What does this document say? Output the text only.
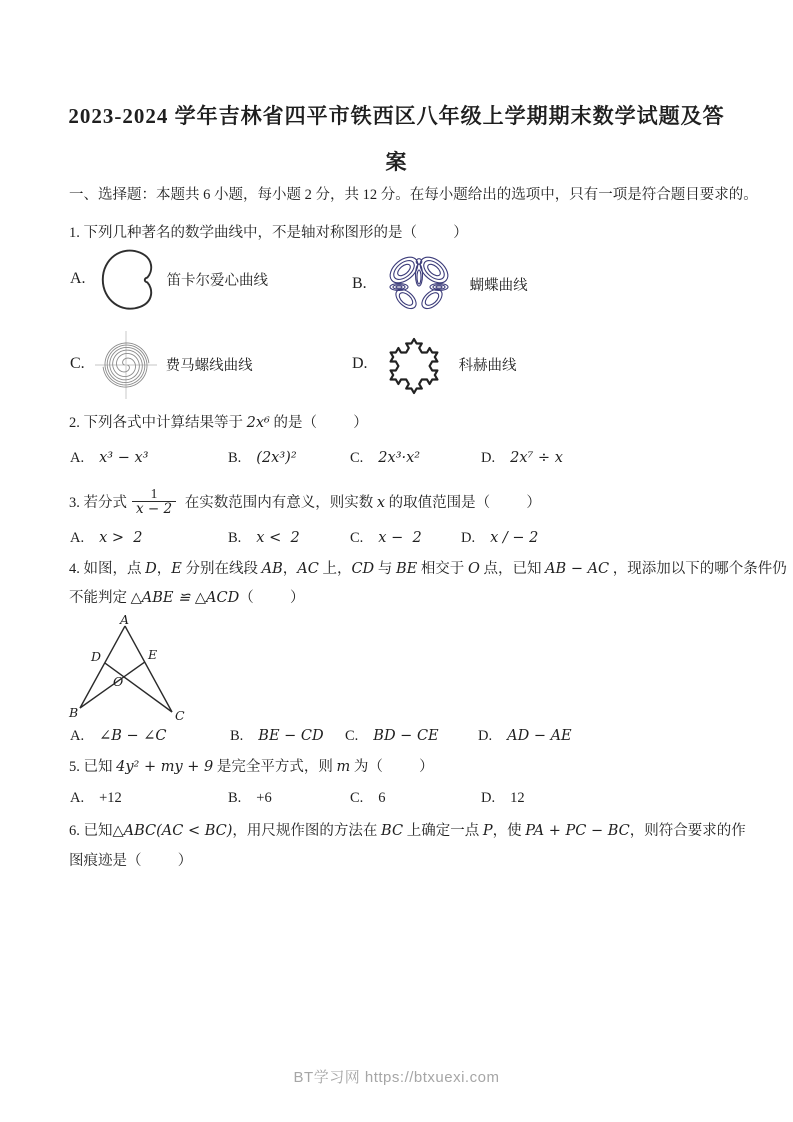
2023-2024 学年吉林省四平市铁西区八年级上学期期末数学试题及答
案
一、选择题：本题共 6 小题，每小题 2 分，共 12 分。在每小题给出的选项中，只有一项是符合题目要求的。
1. 下列几种著名的数学曲线中，不是轴对称图形的是（          ）
A.	笛卡尔爱心曲线	B.	蝴蝶曲线
C.	费马螺线曲线	D.	科赫曲线
2. 下列各式中计算结果等于 2x⁶ 的是（          ）
A. x³ − x³	B. (2x³)²	C. 2x³·x²	D. 2x⁷ ÷ x
3. 若分式 $\frac{1}{x - 2}$ 在实数范围内有意义，则实数 x 的取值范围是（          ）
A. x >  2	B. x <  2	C. x −  2	D. x / − 2
4. 如图，点 D，E 分别在线段 AB，AC 上，CD 与 BE 相交于 O 点，已知 AB − AC ，现添加以下的哪个条件仍
不能判定 △ABE ≌ △ACD（          ）
A
B	C
D	E
O
A. ∠B − ∠C	B. BE − CD C. BD − CE	D. AD − AE
5. 已知 4y² + my + 9 是完全平方式，则 m 为（          ）
A. +12	B. +6	C. 6	D. 12
6. 已知△ABC(AC < BC)，用尺规作图的方法在 BC 上确定一点 P，使 PA + PC − BC，则符合要求的作
图痕迹是（          ）
BT学习网 https://btxuexi.com
